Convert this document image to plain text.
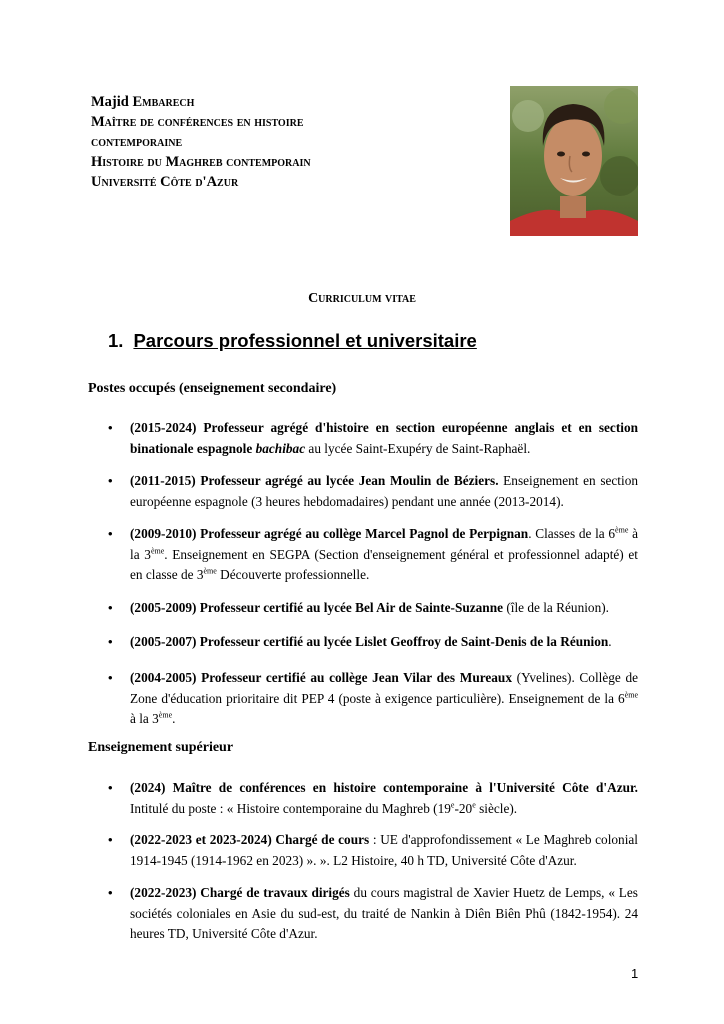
Majid Embarech
Maître de conférences en histoire
contemporaine
Histoire du Maghreb contemporain
Université Côte d'Azur
Curriculum vitae
1. Parcours professionnel et universitaire
Postes occupés (enseignement secondaire)
• (2015-2024) Professeur agrégé d'histoire en section européenne anglais et en section binationale espagnole bachibac au lycée Saint-Exupéry de Saint-Raphaël.
• (2011-2015) Professeur agrégé au lycée Jean Moulin de Béziers. Enseignement en section européenne espagnole (3 heures hebdomadaires) pendant une année (2013-2014).
• (2009-2010) Professeur agrégé au collège Marcel Pagnol de Perpignan. Classes de la 6ème à la 3ème. Enseignement en SEGPA (Section d'enseignement général et professionnel adapté) et en classe de 3ème Découverte professionnelle.
• (2005-2009) Professeur certifié au lycée Bel Air de Sainte-Suzanne (île de la Réunion).
• (2005-2007) Professeur certifié au lycée Lislet Geoffroy de Saint-Denis de la Réunion.
• (2004-2005) Professeur certifié au collège Jean Vilar des Mureaux (Yvelines). Collège de Zone d'éducation prioritaire dit PEP 4 (poste à exigence particulière). Enseignement de la 6ème à la 3ème.
Enseignement supérieur
• (2024) Maître de conférences en histoire contemporaine à l'Université Côte d'Azur. Intitulé du poste : « Histoire contemporaine du Maghreb (19e-20e siècle).
• (2022-2023 et 2023-2024) Chargé de cours : UE d'approfondissement « Le Maghreb colonial 1914-1945 (1914-1962 en 2023) ». ». L2 Histoire, 40 h TD, Université Côte d'Azur.
• (2022-2023) Chargé de travaux dirigés du cours magistral de Xavier Huetz de Lemps, « Les sociétés coloniales en Asie du sud-est, du traité de Nankin à Diên Biên Phû (1842-1954). 24 heures TD, Université Côte d'Azur.
1
